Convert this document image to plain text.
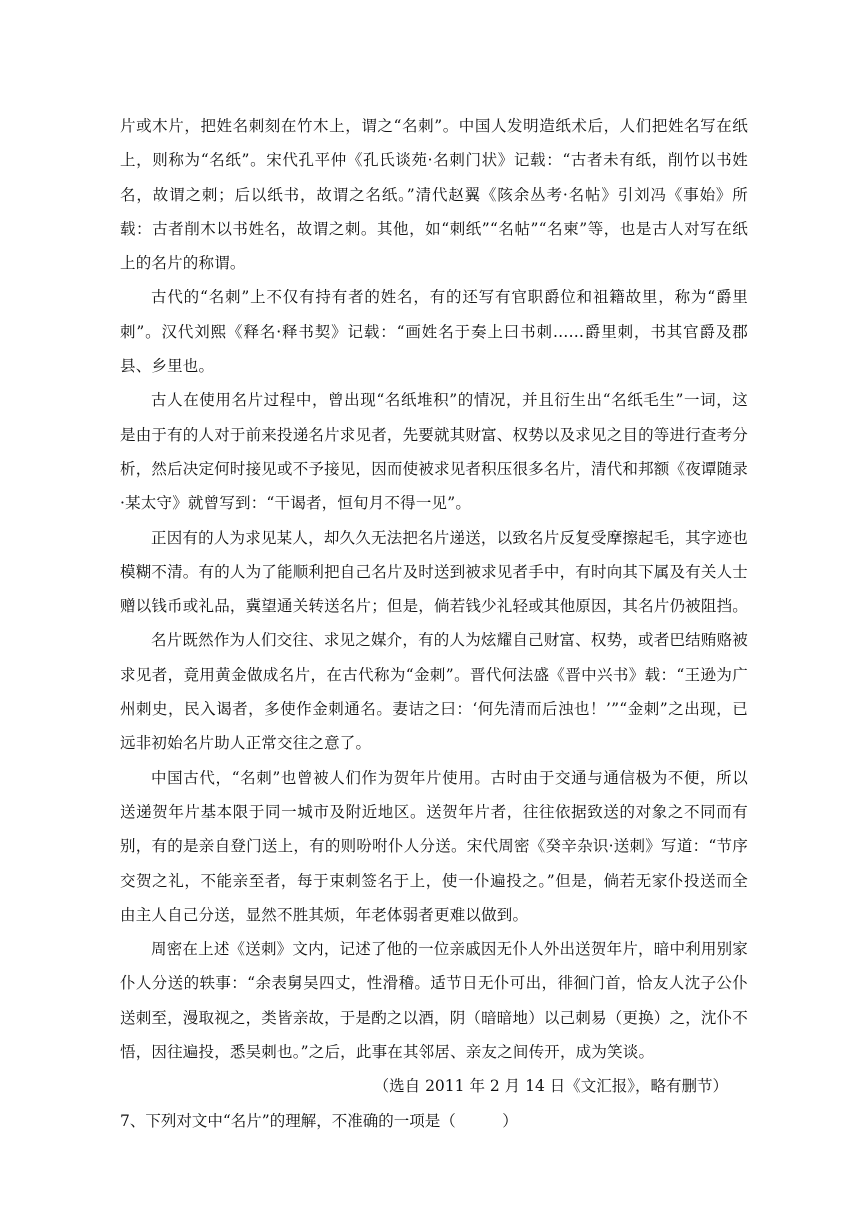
片或木片，把姓名刺刻在竹木上，谓之“名刺”。中国人发明造纸术后，人们把姓名写在纸上，则称为“名纸”。宋代孔平仲《孔氏谈苑·名刺门状》记载：“古者未有纸，削竹以书姓名，故谓之刺；后以纸书，故谓之名纸。”清代赵翼《陔余丛考·名帖》引刘冯《事始》所载：古者削木以书姓名，故谓之刺。其他，如“刺纸”“名帖”“名柬”等，也是古人对写在纸上的名片的称谓。

古代的“名刺”上不仅有持有者的姓名，有的还写有官职爵位和祖籍故里，称为“爵里刺”。汉代刘熙《释名·释书契》记载：“画姓名于奏上曰书刺……爵里刺，书其官爵及郡县、乡里也。

古人在使用名片过程中，曾出现“名纸堆积”的情况，并且衍生出“名纸毛生”一词，这是由于有的人对于前来投递名片求见者，先要就其财富、权势以及求见之目的等进行查考分析，然后决定何时接见或不予接见，因而使被求见者积压很多名片，清代和邦额《夜谭随录·某太守》就曾写到：“干谒者，恒旬月不得一见”。

正因有的人为求见某人，却久久无法把名片递送，以致名片反复受摩擦起毛，其字迹也模糊不清。有的人为了能顺利把自己名片及时送到被求见者手中，有时向其下属及有关人士赠以钱币或礼品，冀望通关转送名片；但是，倘若钱少礼轻或其他原因，其名片仍被阻挡。

名片既然作为人们交往、求见之媒介，有的人为炫耀自己财富、权势，或者巴结贿赂被求见者，竟用黄金做成名片，在古代称为“金刺”。晋代何法盛《晋中兴书》载：“王逊为广州刺史，民入谒者，多使作金刺通名。妻诘之曰：‘何先清而后浊也！’”“金刺”之出现，已远非初始名片助人正常交往之意了。

中国古代，“名刺”也曾被人们作为贺年片使用。古时由于交通与通信极为不便，所以送递贺年片基本限于同一城市及附近地区。送贺年片者，往往依据致送的对象之不同而有别，有的是亲自登门送上，有的则吩咐仆人分送。宋代周密《癸辛杂识·送刺》写道：“节序交贺之礼，不能亲至者，每于束刺签名于上，使一仆遍投之。”但是，倘若无家仆投送而全由主人自己分送，显然不胜其烦，年老体弱者更难以做到。

周密在上述《送刺》文内，记述了他的一位亲戚因无仆人外出送贺年片，暗中利用别家仆人分送的轶事：“余表舅吴四丈，性滑稽。适节日无仆可出，徘徊门首，恰友人沈子公仆送刺至，漫取视之，类皆亲故，于是酌之以酒，阴（暗暗地）以己刺易（更换）之，沈仆不悟，因往遍投，悉吴刺也。”之后，此事在其邻居、亲友之间传开，成为笑谈。

（选自 2011 年 2 月 14 日《文汇报》，略有删节）

7、下列对文中“名片”的理解，不准确的一项是（　　　）
